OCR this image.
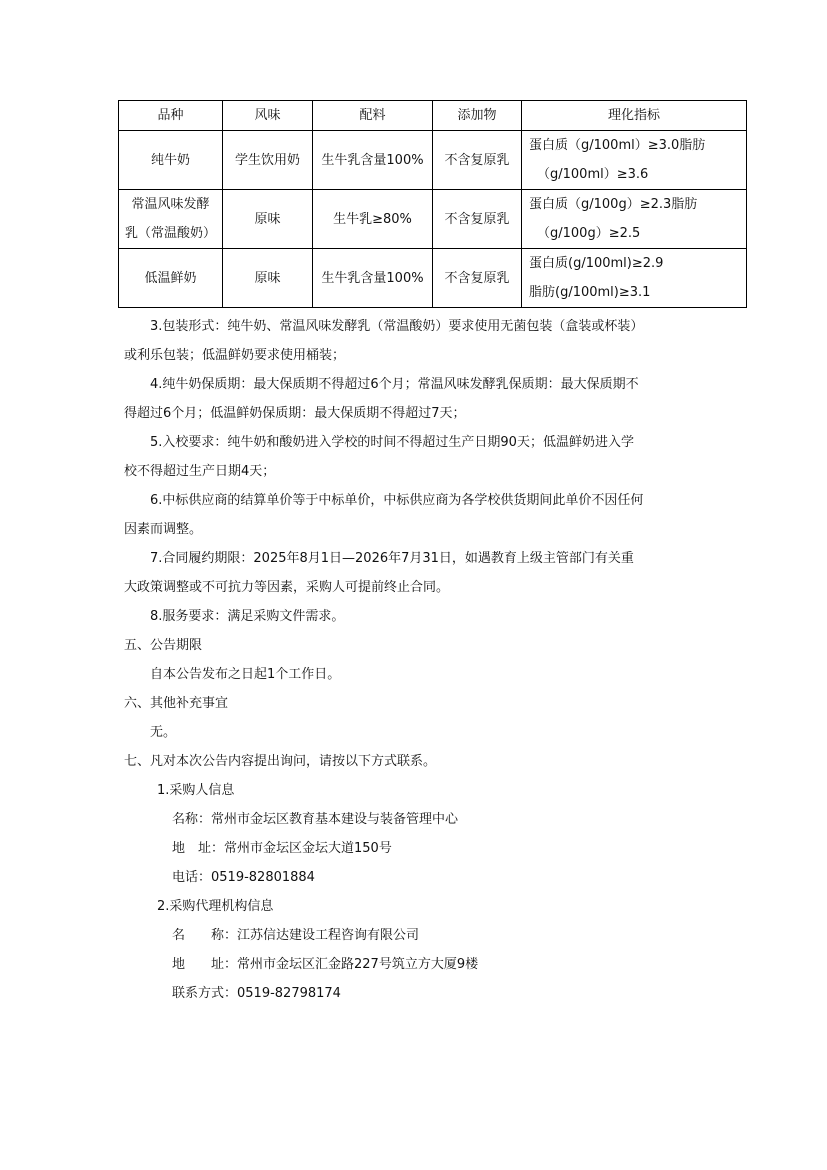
品种	风味	配料	添加物	理化指标
纯牛奶	学生饮用奶	生牛乳含量100%	不含复原乳	蛋白质（g/100ml）≥3.0脂肪
（g/100ml）≥3.6

常温风味发酵
乳（常温酸奶）	原味	生牛乳≥80%	不含复原乳	蛋白质（g/100g）≥2.3脂肪
（g/100g）≥2.5

低温鲜奶	原味	生牛乳含量100%	不含复原乳	蛋白质(g/100ml)≥2.9
脂肪(g/100ml)≥3.1
3.包装形式：纯牛奶、常温风味发酵乳（常温酸奶）要求使用无菌包装（盒装或杯装）
或利乐包装；低温鲜奶要求使用桶装；
4.纯牛奶保质期：最大保质期不得超过6个月；常温风味发酵乳保质期：最大保质期不
得超过6个月；低温鲜奶保质期：最大保质期不得超过7天；
5.入校要求：纯牛奶和酸奶进入学校的时间不得超过生产日期90天；低温鲜奶进入学
校不得超过生产日期4天；
6.中标供应商的结算单价等于中标单价，中标供应商为各学校供货期间此单价不因任何
因素而调整。
7.合同履约期限：2025年8月1日—2026年7月31日，如遇教育上级主管部门有关重
大政策调整或不可抗力等因素，采购人可提前终止合同。
8.服务要求：满足采购文件需求。
五、公告期限
自本公告发布之日起1个工作日。
六、其他补充事宜
无。
七、凡对本次公告内容提出询问，请按以下方式联系。
1.采购人信息
名称：常州市金坛区教育基本建设与装备管理中心
地　址：常州市金坛区金坛大道150号
电话：0519-82801884
2.采购代理机构信息
名　　称：江苏信达建设工程咨询有限公司
地　　址：常州市金坛区汇金路227号筑立方大厦9楼
联系方式：0519-82798174
